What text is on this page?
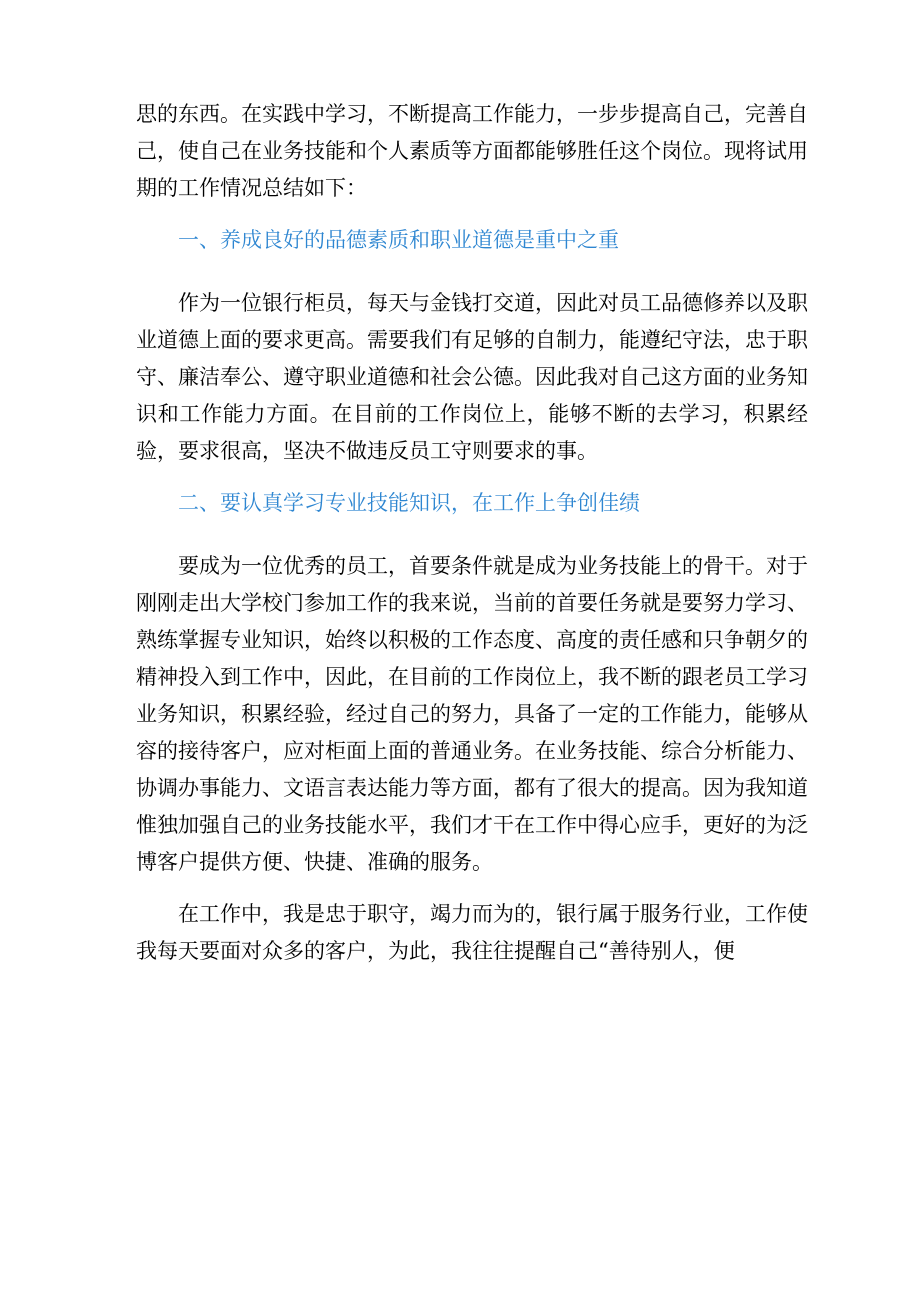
思的东西。在实践中学习，不断提高工作能力，一步步提高自己，完善自己，使自己在业务技能和个人素质等方面都能够胜任这个岗位。现将试用期的工作情况总结如下：

一、养成良好的品德素质和职业道德是重中之重

作为一位银行柜员，每天与金钱打交道，因此对员工品德修养以及职业道德上面的要求更高。需要我们有足够的自制力，能遵纪守法，忠于职守、廉洁奉公、遵守职业道德和社会公德。因此我对自己这方面的业务知识和工作能力方面。在目前的工作岗位上，能够不断的去学习，积累经验，要求很高，坚决不做违反员工守则要求的事。

二、要认真学习专业技能知识，在工作上争创佳绩

要成为一位优秀的员工，首要条件就是成为业务技能上的骨干。对于刚刚走出大学校门参加工作的我来说，当前的首要任务就是要努力学习、熟练掌握专业知识，始终以积极的工作态度、高度的责任感和只争朝夕的精神投入到工作中，因此，在目前的工作岗位上，我不断的跟老员工学习业务知识，积累经验，经过自己的努力，具备了一定的工作能力，能够从容的接待客户，应对柜面上面的普通业务。在业务技能、综合分析能力、协调办事能力、文语言表达能力等方面，都有了很大的提高。因为我知道惟独加强自己的业务技能水平，我们才干在工作中得心应手，更好的为泛博客户提供方便、快捷、准确的服务。

在工作中，我是忠于职守，竭力而为的，银行属于服务行业，工作使我每天要面对众多的客户，为此，我往往提醒自己“善待别人，便
